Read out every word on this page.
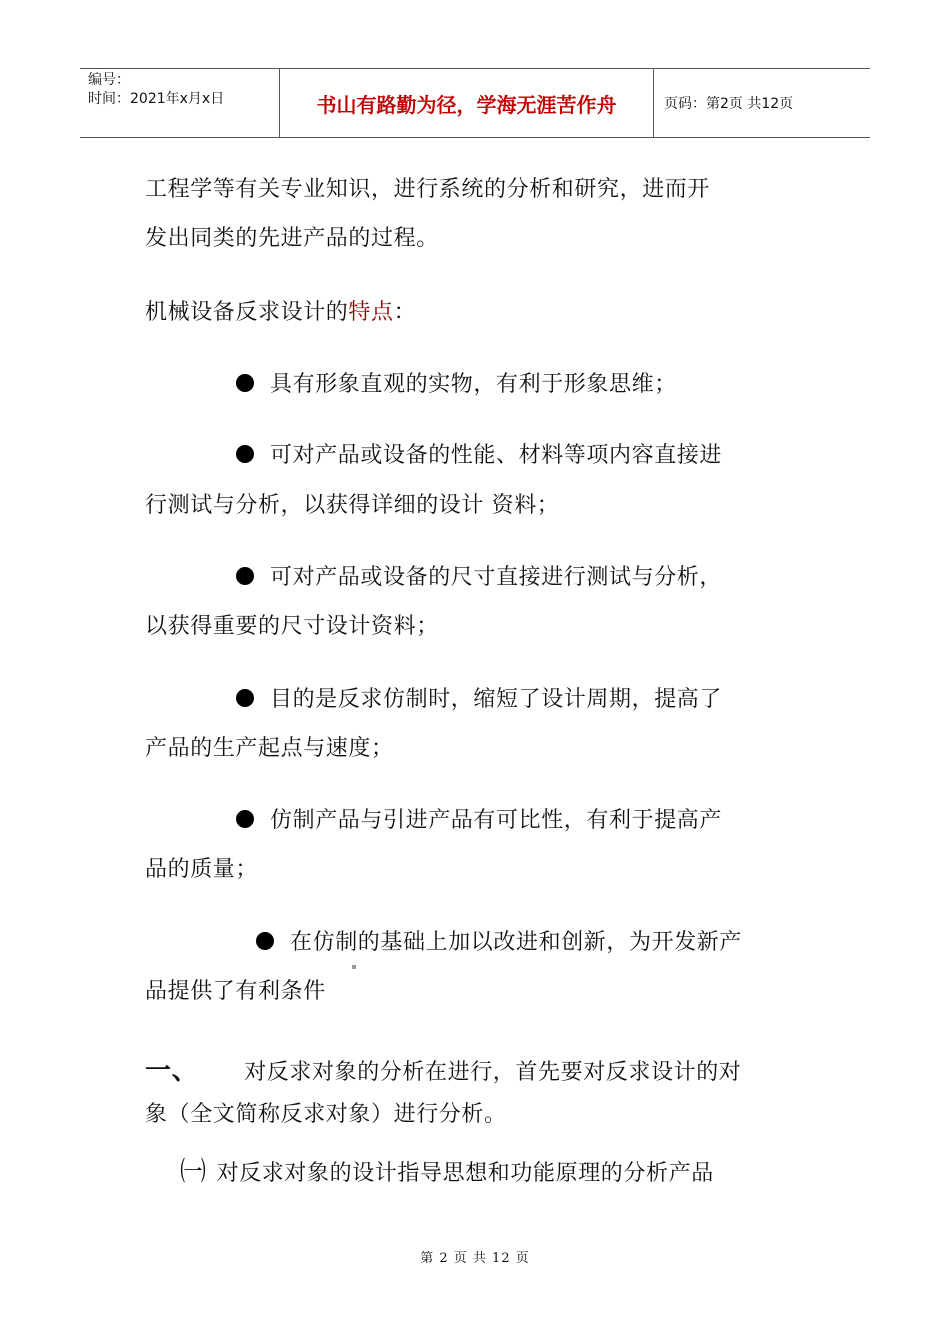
编号：
时间：2021年x月x日	书山有路勤为径，学海无涯苦作舟	页码：第2页 共12页
工程学等有关专业知识，进行系统的分析和研究，进而开
发出同类的先进产品的过程。
机械设备反求设计的特点：
具有形象直观的实物，有利于形象思维；
可对产品或设备的性能、材料等项内容直接进
行测试与分析，以获得详细的设计 资料；
可对产品或设备的尺寸直接进行测试与分析，
以获得重要的尺寸设计资料；
目的是反求仿制时，缩短了设计周期，提高了
产品的生产起点与速度；
仿制产品与引进产品有可比性，有利于提高产
品的质量；
在仿制的基础上加以改进和创新，为开发新产
品提供了有利条件
一、 对反求对象的分析在进行，首先要对反求设计的对
象（全文简称反求对象）进行分析。
㈠ 对反求对象的设计指导思想和功能原理的分析产品
第 2 页 共 12 页
